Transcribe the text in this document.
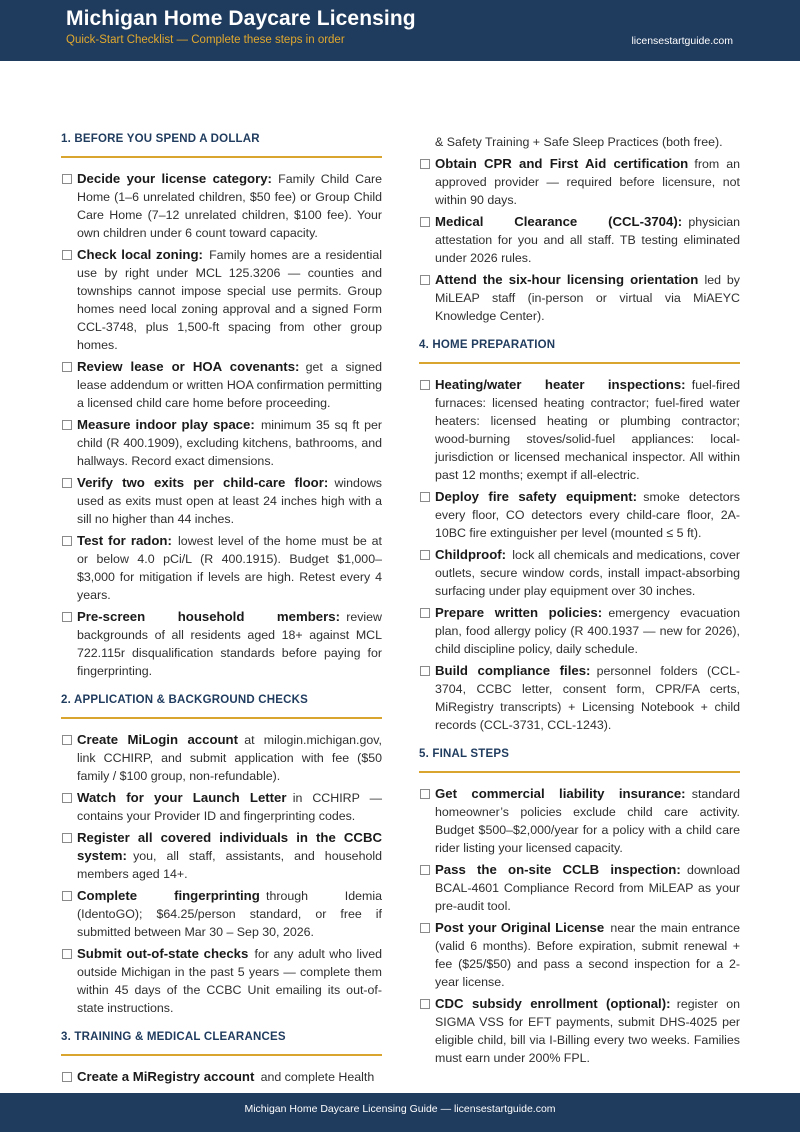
Michigan Home Daycare Licensing
Quick-Start Checklist — Complete these steps in order	licensestartguide.com
1. BEFORE YOU SPEND A DOLLAR
Decide your license category:  Family Child Care Home (1–6 unrelated children, $50 fee) or Group Child Care Home (7–12 unrelated children, $100 fee). Your own children under 6 count toward capacity.
Check local zoning:  Family homes are a residential use by right under MCL 125.3206 — counties and townships cannot impose special use permits. Group homes need local zoning approval and a signed Form CCL-3748, plus 1,500-ft spacing from other group homes.
Review lease or HOA covenants:  get a signed lease addendum or written HOA confirmation permitting a licensed child care home before proceeding.
Measure indoor play space:  minimum 35 sq ft per child (R 400.1909), excluding kitchens, bathrooms, and hallways. Record exact dimensions.
Verify two exits per child-care floor:  windows used as exits must open at least 24 inches high with a sill no higher than 44 inches.
Test for radon:  lowest level of the home must be at or below 4.0 pCi/L (R 400.1915). Budget $1,000–$3,000 for mitigation if levels are high. Retest every 4 years.
Pre-screen household members:  review backgrounds of all residents aged 18+ against MCL 722.115r disqualification standards before paying for fingerprinting.
2. APPLICATION & BACKGROUND CHECKS
Create MiLogin account  at milogin.michigan.gov, link CCHIRP, and submit application with fee ($50 family / $100 group, non-refundable).
Watch for your Launch Letter  in CCHIRP — contains your Provider ID and fingerprinting codes.
Register all covered individuals in the CCBC system:  you, all staff, assistants, and household members aged 14+.
Complete fingerprinting  through Idemia (IdentoGO); $64.25/person standard, or free if submitted between Mar 30 – Sep 30, 2026.
Submit out-of-state checks  for any adult who lived outside Michigan in the past 5 years — complete them within 45 days of the CCBC Unit emailing its out-of-state instructions.
3. TRAINING & MEDICAL CLEARANCES
Create a MiRegistry account  and complete Health
& Safety Training + Safe Sleep Practices (both free).
Obtain CPR and First Aid certification  from an approved provider — required before licensure, not within 90 days.
Medical Clearance (CCL-3704):  physician attestation for you and all staff. TB testing eliminated under 2026 rules.
Attend the six-hour licensing orientation  led by MiLEAP staff (in-person or virtual via MiAEYC Knowledge Center).
4. HOME PREPARATION
Heating/water heater inspections:  fuel-fired furnaces: licensed heating contractor; fuel-fired water heaters: licensed heating or plumbing contractor; wood-burning stoves/solid-fuel appliances: local-jurisdiction or licensed mechanical inspector. All within past 12 months; exempt if all-electric.
Deploy fire safety equipment:  smoke detectors every floor, CO detectors every child-care floor, 2A-10BC fire extinguisher per level (mounted ≤ 5 ft).
Childproof:  lock all chemicals and medications, cover outlets, secure window cords, install impact-absorbing surfacing under play equipment over 30 inches.
Prepare written policies:  emergency evacuation plan, food allergy policy (R 400.1937 — new for 2026), child discipline policy, daily schedule.
Build compliance files:  personnel folders (CCL-3704, CCBC letter, consent form, CPR/FA certs, MiRegistry transcripts) + Licensing Notebook + child records (CCL-3731, CCL-1243).
5. FINAL STEPS
Get commercial liability insurance:  standard homeowner’s policies exclude child care activity. Budget $500–$2,000/year for a policy with a child care rider listing your licensed capacity.
Pass the on-site CCLB inspection:  download BCAL-4601 Compliance Record from MiLEAP as your pre-audit tool.
Post your Original License  near the main entrance (valid 6 months). Before expiration, submit renewal + fee ($25/$50) and pass a second inspection for a 2-year license.
CDC subsidy enrollment (optional):  register on SIGMA VSS for EFT payments, submit DHS-4025 per eligible child, bill via I-Billing every two weeks. Families must earn under 200% FPL.
Michigan Home Daycare Licensing Guide — licensestartguide.com
